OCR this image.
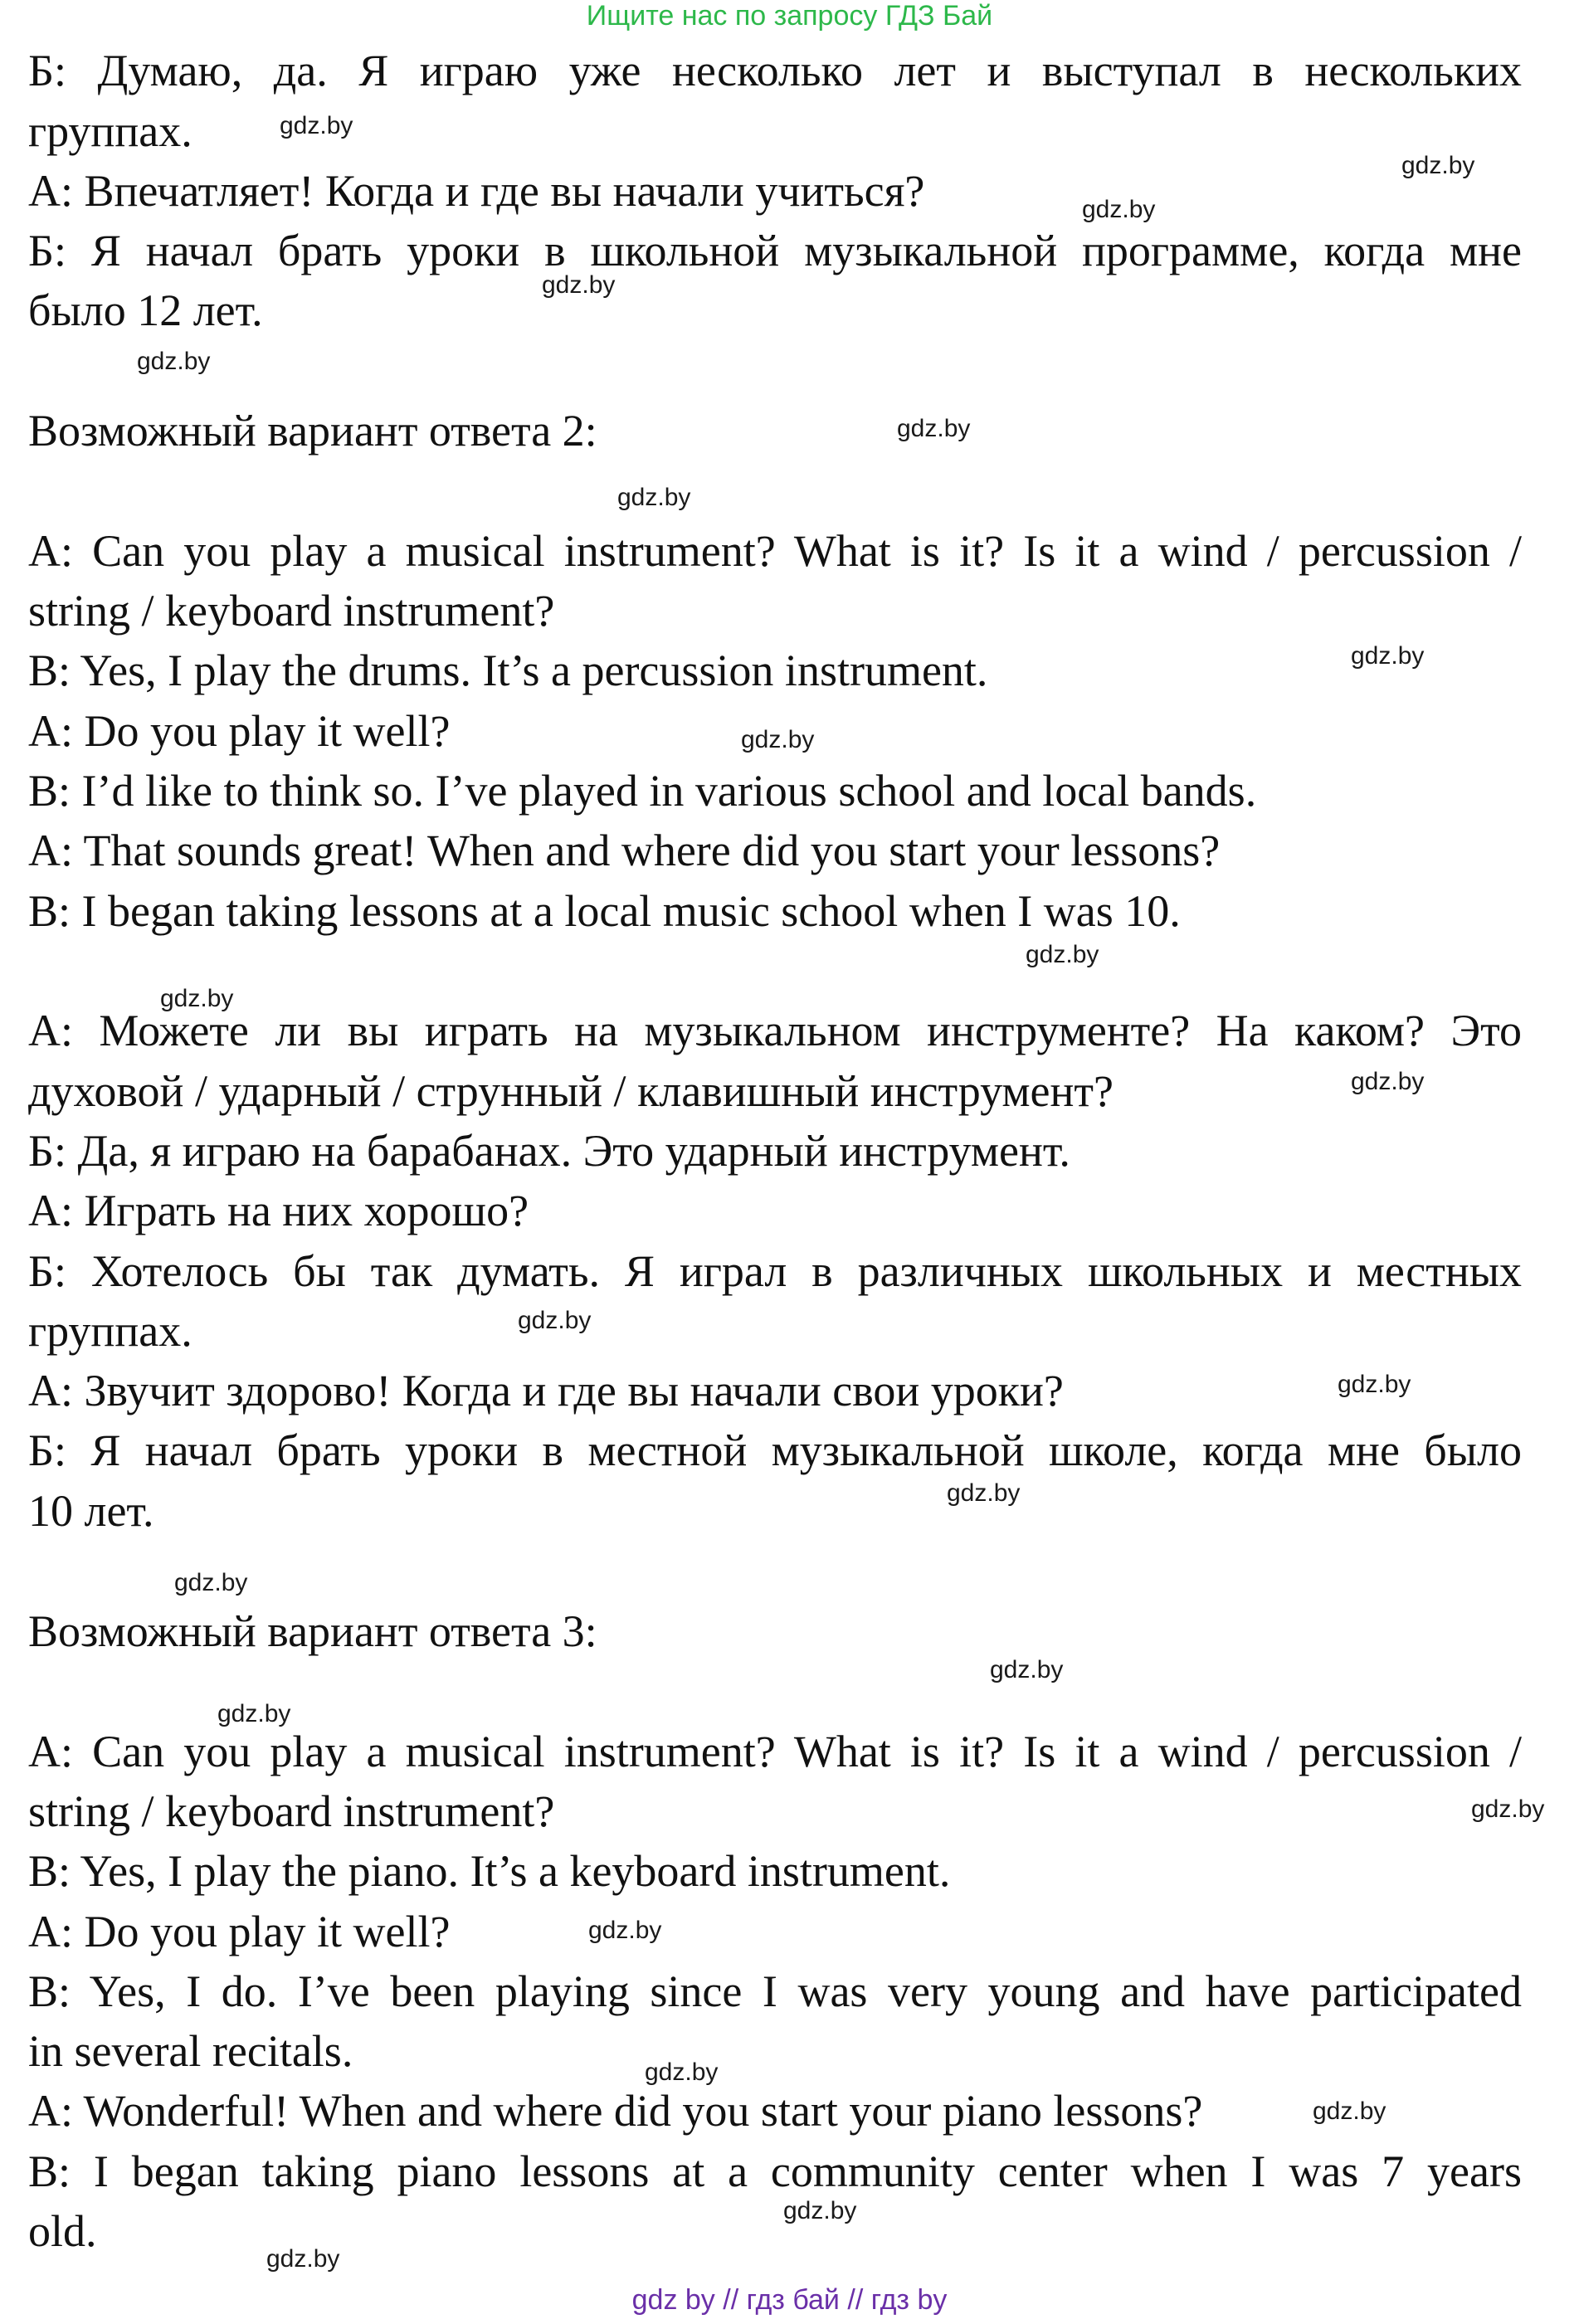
Ищите нас по запросу ГДЗ Бай
Б: Думаю, да. Я играю уже несколько лет и выступал в нескольких
группах.
А: Впечатляет! Когда и где вы начали учиться?
Б: Я начал брать уроки в школьной музыкальной программе, когда мне
было 12 лет.
Возможный вариант ответа 2:
A: Can you play a musical instrument? What is it? Is it a wind / percussion /
string / keyboard instrument?
B: Yes, I play the drums. It’s a percussion instrument.
A: Do you play it well?
B: I’d like to think so. I’ve played in various school and local bands.
A: That sounds great! When and where did you start your lessons?
B: I began taking lessons at a local music school when I was 10.
А: Можете ли вы играть на музыкальном инструменте? На каком? Это
духовой / ударный / струнный / клавишный инструмент?
Б: Да, я играю на барабанах. Это ударный инструмент.
А: Играть на них хорошо?
Б: Хотелось бы так думать. Я играл в различных школьных и местных
группах.
А: Звучит здорово! Когда и где вы начали свои уроки?
Б: Я начал брать уроки в местной музыкальной школе, когда мне было
10 лет.
Возможный вариант ответа 3:
A: Can you play a musical instrument? What is it? Is it a wind / percussion /
string / keyboard instrument?
B: Yes, I play the piano. It’s a keyboard instrument.
A: Do you play it well?
B: Yes, I do. I’ve been playing since I was very young and have participated
in several recitals.
A: Wonderful! When and where did you start your piano lessons?
B: I began taking piano lessons at a community center when I was 7 years
old.
gdz.by
gdz.by
gdz.by
gdz.by
gdz.by
gdz.by
gdz.by
gdz.by
gdz.by
gdz.by
gdz.by
gdz.by
gdz.by
gdz.by
gdz.by
gdz.by
gdz.by
gdz.by
gdz.by
gdz.by
gdz.by
gdz.by
gdz.by
gdz.by
gdz by // гдз бай // гдз by
